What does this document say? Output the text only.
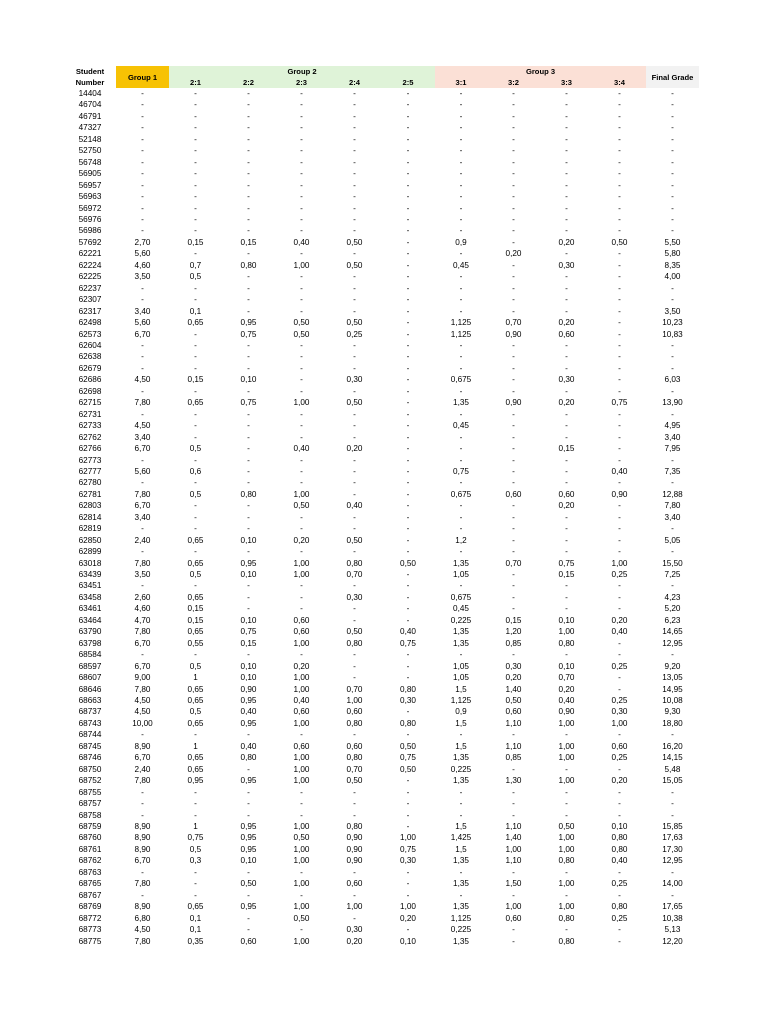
Student Number	Group 1	Group 2					Group 3				Final Grade
		2:1	2:2	2:3	2:4	2:5	3:1	3:2	3:3	3:4	
14404	-	-	-	-	-	-	-	-	-	-	-
46704	-	-	-	-	-	-	-	-	-	-	-
46791	-	-	-	-	-	-	-	-	-	-	-
47327	-	-	-	-	-	-	-	-	-	-	-
52148	-	-	-	-	-	-	-	-	-	-	-
52750	-	-	-	-	-	-	-	-	-	-	-
56748	-	-	-	-	-	-	-	-	-	-	-
56905	-	-	-	-	-	-	-	-	-	-	-
56957	-	-	-	-	-	-	-	-	-	-	-
56963	-	-	-	-	-	-	-	-	-	-	-
56972	-	-	-	-	-	-	-	-	-	-	-
56976	-	-	-	-	-	-	-	-	-	-	-
56986	-	-	-	-	-	-	-	-	-	-	-
57692	2,70	0,15	0,15	0,40	0,50	-	0,9	-	0,20	0,50	5,50
62221	5,60	-	-	-	-	-	-	0,20	-	-	5,80
62224	4,60	0,7	0,80	1,00	0,50	-	0,45	-	0,30	-	8,35
62225	3,50	0,5	-	-	-	-	-	-	-	-	4,00
62237	-	-	-	-	-	-	-	-	-	-	-
62307	-	-	-	-	-	-	-	-	-	-	-
62317	3,40	0,1	-	-	-	-	-	-	-	-	3,50
62498	5,60	0,65	0,95	0,50	0,50	-	1,125	0,70	0,20	-	10,23
62573	6,70	-	0,75	0,50	0,25	-	1,125	0,90	0,60	-	10,83
62604	-	-	-	-	-	-	-	-	-	-	-
62638	-	-	-	-	-	-	-	-	-	-	-
62679	-	-	-	-	-	-	-	-	-	-	-
62686	4,50	0,15	0,10	-	0,30	-	0,675	-	0,30	-	6,03
62698	-	-	-	-	-	-	-	-	-	-	-
62715	7,80	0,65	0,75	1,00	0,50	-	1,35	0,90	0,20	0,75	13,90
62731	-	-	-	-	-	-	-	-	-	-	-
62733	4,50	-	-	-	-	-	0,45	-	-	-	4,95
62762	3,40	-	-	-	-	-	-	-	-	-	3,40
62766	6,70	0,5	-	0,40	0,20	-	-	-	0,15	-	7,95
62773	-	-	-	-	-	-	-	-	-	-	-
62777	5,60	0,6	-	-	-	-	0,75	-	-	0,40	7,35
62780	-	-	-	-	-	-	-	-	-	-	-
62781	7,80	0,5	0,80	1,00	-	-	0,675	0,60	0,60	0,90	12,88
62803	6,70	-	-	0,50	0,40	-	-	-	0,20	-	7,80
62814	3,40	-	-	-	-	-	-	-	-	-	3,40
62819	-	-	-	-	-	-	-	-	-	-	-
62850	2,40	0,65	0,10	0,20	0,50	-	1,2	-	-	-	5,05
62899	-	-	-	-	-	-	-	-	-	-	-
63018	7,80	0,65	0,95	1,00	0,80	0,50	1,35	0,70	0,75	1,00	15,50
63439	3,50	0,5	0,10	1,00	0,70	-	1,05	-	0,15	0,25	7,25
63451	-	-	-	-	-	-	-	-	-	-	-
63458	2,60	0,65	-	-	0,30	-	0,675	-	-	-	4,23
63461	4,60	0,15	-	-	-	-	0,45	-	-	-	5,20
63464	4,70	0,15	0,10	0,60	-	-	0,225	0,15	0,10	0,20	6,23
63790	7,80	0,65	0,75	0,60	0,50	0,40	1,35	1,20	1,00	0,40	14,65
63798	6,70	0,55	0,15	1,00	0,80	0,75	1,35	0,85	0,80	-	12,95
68584	-	-	-	-	-	-	-	-	-	-	-
68597	6,70	0,5	0,10	0,20	-	-	1,05	0,30	0,10	0,25	9,20
68607	9,00	1	0,10	1,00	-	-	1,05	0,20	0,70	-	13,05
68646	7,80	0,65	0,90	1,00	0,70	0,80	1,5	1,40	0,20	-	14,95
68663	4,50	0,65	0,95	0,40	1,00	0,30	1,125	0,50	0,40	0,25	10,08
68737	4,50	0,5	0,40	0,60	0,60	-	0,9	0,60	0,90	0,30	9,30
68743	10,00	0,65	0,95	1,00	0,80	0,80	1,5	1,10	1,00	1,00	18,80
68744	-	-	-	-	-	-	-	-	-	-	-
68745	8,90	1	0,40	0,60	0,60	0,50	1,5	1,10	1,00	0,60	16,20
68746	6,70	0,65	0,80	1,00	0,80	0,75	1,35	0,85	1,00	0,25	14,15
68750	2,40	0,65	-	1,00	0,70	0,50	0,225	-	-	-	5,48
68752	7,80	0,95	0,95	1,00	0,50	-	1,35	1,30	1,00	0,20	15,05
68755	-	-	-	-	-	-	-	-	-	-	-
68757	-	-	-	-	-	-	-	-	-	-	-
68758	-	-	-	-	-	-	-	-	-	-	-
68759	8,90	1	0,95	1,00	0,80	-	1,5	1,10	0,50	0,10	15,85
68760	8,90	0,75	0,95	0,50	0,90	1,00	1,425	1,40	1,00	0,80	17,63
68761	8,90	0,5	0,95	1,00	0,90	0,75	1,5	1,00	1,00	0,80	17,30
68762	6,70	0,3	0,10	1,00	0,90	0,30	1,35	1,10	0,80	0,40	12,95
68763	-	-	-	-	-	-	-	-	-	-	-
68765	7,80	-	0,50	1,00	0,60	-	1,35	1,50	1,00	0,25	14,00
68767	-	-	-	-	-	-	-	-	-	-	-
68769	8,90	0,65	0,95	1,00	1,00	1,00	1,35	1,00	1,00	0,80	17,65
68772	6,80	0,1	-	0,50	-	0,20	1,125	0,60	0,80	0,25	10,38
68773	4,50	0,1	-	-	0,30	-	0,225	-	-	-	5,13
68775	7,80	0,35	0,60	1,00	0,20	0,10	1,35	-	0,80	-	12,20
